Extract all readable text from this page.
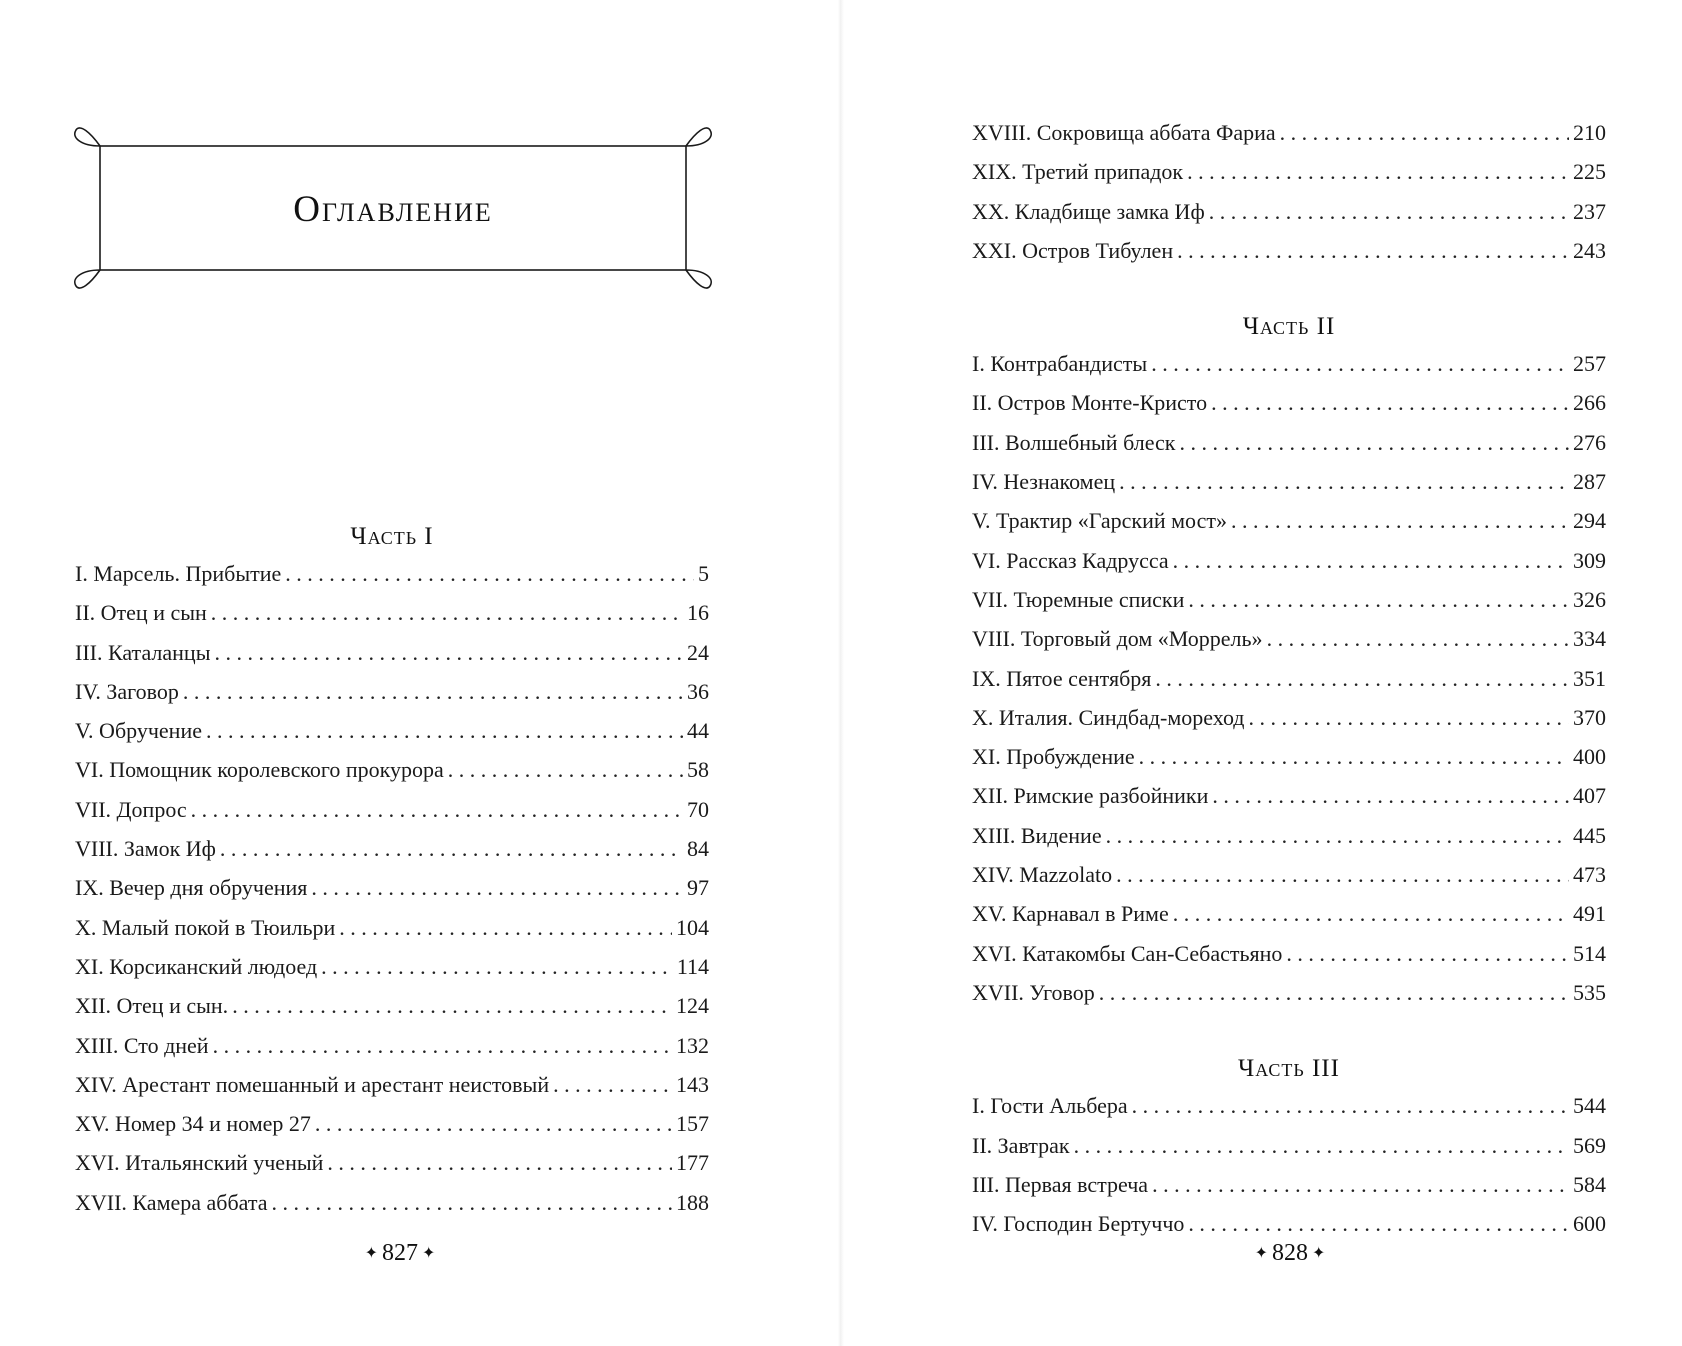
Оглавление
Часть I
I. Марсель. Прибытие . . .	5
II. Отец и сын . . .	16
III. Каталанцы . . .	24
IV. Заговор . . .	36
V. Обручение . . .	44
VI. Помощник королевского прокурора . . .	58
VII. Допрос . . .	70
VIII. Замок Иф . . .	84
IX. Вечер дня обручения . . .	97
X. Малый покой в Тюильри . . .	104
XI. Корсиканский людоед . . .	114
XII. Отец и сын. . . .	124
XIII. Сто дней . . .	132
XIV. Арестант помешанный и арестант неистовый . . .	143
XV. Номер 34 и номер 27 . . .	157
XVI. Итальянский ученый . . .	177
XVII. Камера аббата . . .	188
✦ 827 ✦
XVIII. Сокровища аббата Фариа . . .	210
XIX. Третий припадок . . .	225
XX. Кладбище замка Иф . . .	237
XXI. Остров Тибулен . . .	243
Часть II
I. Контрабандисты . . .	257
II. Остров Монте-Кристо . . .	266
III. Волшебный блеск . . .	276
IV. Незнакомец . . .	287
V. Трактир «Гарский мост» . . .	294
VI. Рассказ Кадрусса . . .	309
VII. Тюремные списки . . .	326
VIII. Торговый дом «Моррель» . . .	334
IX. Пятое сентября . . .	351
X. Италия. Синдбад-мореход . . .	370
XI. Пробуждение . . .	400
XII. Римские разбойники . . .	407
XIII. Видение . . .	445
XIV. Mazzolato . . .	473
XV. Карнавал в Риме . . .	491
XVI. Катакомбы Сан-Себастьяно . . .	514
XVII. Уговор . . .	535
Часть III
I. Гости Альбера . . .	544
II. Завтрак . . .	569
III. Первая встреча . . .	584
IV. Господин Бертуччо . . .	600
✦ 828 ✦
